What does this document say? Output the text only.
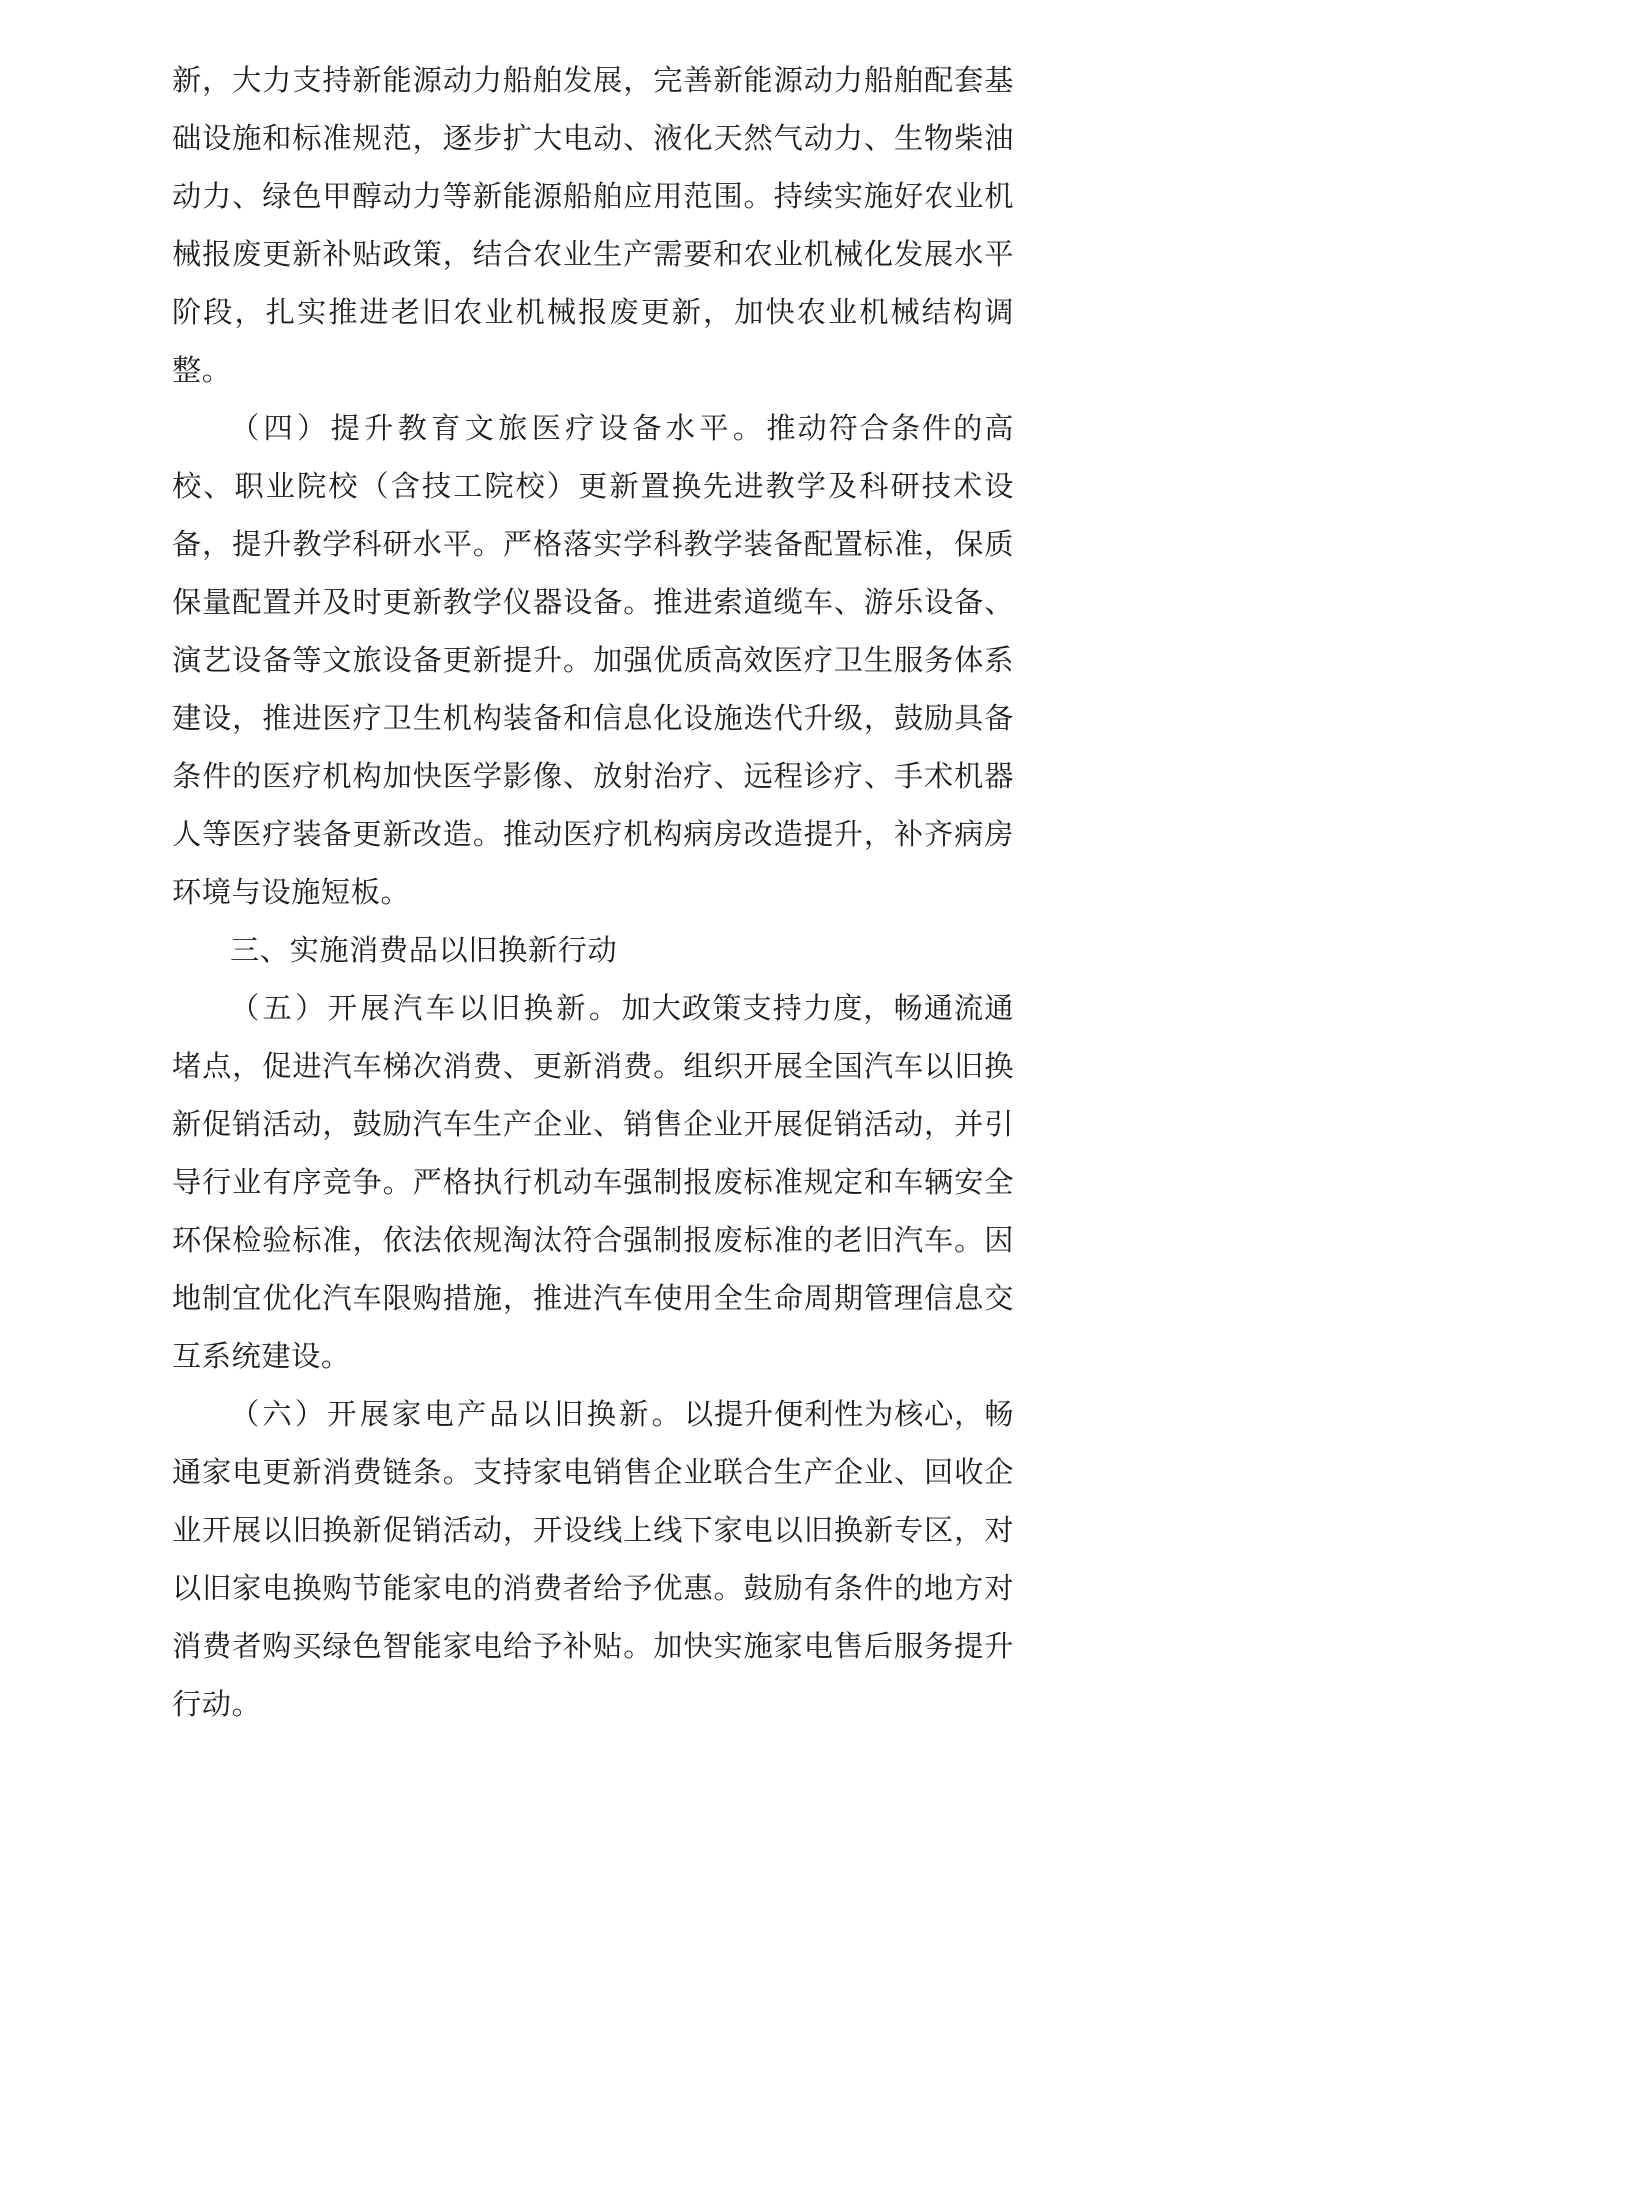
新，大力支持新能源动力船舶发展，完善新能源动力船舶配套基础设施和标准规范，逐步扩大电动、液化天然气动力、生物柴油动力、绿色甲醇动力等新能源船舶应用范围。持续实施好农业机械报废更新补贴政策，结合农业生产需要和农业机械化发展水平阶段，扎实推进老旧农业机械报废更新，加快农业机械结构调整。

（四）提升教育文旅医疗设备水平。推动符合条件的高校、职业院校（含技工院校）更新置换先进教学及科研技术设备，提升教学科研水平。严格落实学科教学装备配置标准，保质保量配置并及时更新教学仪器设备。推进索道缆车、游乐设备、演艺设备等文旅设备更新提升。加强优质高效医疗卫生服务体系建设，推进医疗卫生机构装备和信息化设施迭代升级，鼓励具备条件的医疗机构加快医学影像、放射治疗、远程诊疗、手术机器人等医疗装备更新改造。推动医疗机构病房改造提升，补齐病房环境与设施短板。

三、实施消费品以旧换新行动

（五）开展汽车以旧换新。加大政策支持力度，畅通流通堵点，促进汽车梯次消费、更新消费。组织开展全国汽车以旧换新促销活动，鼓励汽车生产企业、销售企业开展促销活动，并引导行业有序竞争。严格执行机动车强制报废标准规定和车辆安全环保检验标准，依法依规淘汰符合强制报废标准的老旧汽车。因地制宜优化汽车限购措施，推进汽车使用全生命周期管理信息交互系统建设。

（六）开展家电产品以旧换新。以提升便利性为核心，畅通家电更新消费链条。支持家电销售企业联合生产企业、回收企业开展以旧换新促销活动，开设线上线下家电以旧换新专区，对以旧家电换购节能家电的消费者给予优惠。鼓励有条件的地方对消费者购买绿色智能家电给予补贴。加快实施家电售后服务提升行动。
